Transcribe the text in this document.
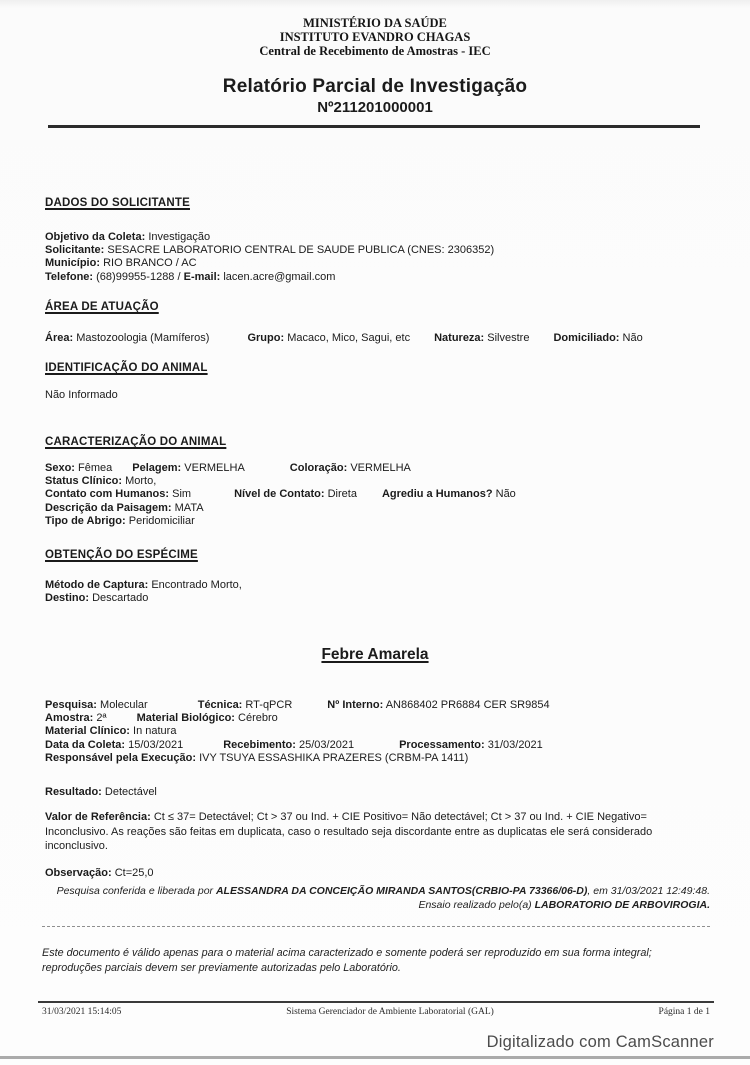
MINISTÉRIO DA SAÚDE
INSTITUTO EVANDRO CHAGAS
Central de Recebimento de Amostras - IEC
Relatório Parcial de Investigação
Nº211201000001
DADOS DO SOLICITANTE
Objetivo da Coleta: Investigação
Solicitante: SESACRE LABORATORIO CENTRAL DE SAUDE PUBLICA (CNES: 2306352)
Município: RIO BRANCO / AC
Telefone: (68)99955-1288 / E-mail: lacen.acre@gmail.com
ÁREA DE ATUAÇÃO
Área: Mastozoologia (Mamíferos)	Grupo: Macaco, Mico, Sagui, etc Natureza: Silvestre Domiciliado: Não
IDENTIFICAÇÃO DO ANIMAL
Não Informado
CARACTERIZAÇÃO DO ANIMAL
Sexo: Fêmea Pelagem: VERMELHA	Coloração: VERMELHA
Status Clínico: Morto,
Contato com Humanos: Sim	Nível de Contato: Direta Agrediu a Humanos? Não
Descrição da Paisagem: MATA
Tipo de Abrigo: Peridomiciliar
OBTENÇÃO DO ESPÉCIME
Método de Captura: Encontrado Morto,
Destino: Descartado
Febre Amarela
Pesquisa: Molecular	Técnica: RT-qPCR	Nº Interno: AN868402 PR6884 CER SR9854
Amostra: 2ª	Material Biológico: Cérebro
Material Clínico: In natura
Data da Coleta: 15/03/2021	Recebimento: 25/03/2021	Processamento: 31/03/2021
Responsável pela Execução: IVY TSUYA ESSASHIKA PRAZERES (CRBM-PA 1411)
Resultado: Detectável
Valor de Referência: Ct ≤ 37= Detectável; Ct > 37 ou Ind. + CIE Positivo= Não detectável; Ct > 37 ou Ind. + CIE Negativo= Inconclusivo. As reações são feitas em duplicata, caso o resultado seja discordante entre as duplicatas ele será considerado inconclusivo.
Observação: Ct=25,0
Pesquisa conferida e liberada por ALESSANDRA DA CONCEIÇÃO MIRANDA SANTOS(CRBIO-PA 73366/06-D), em 31/03/2021 12:49:48.
Ensaio realizado pelo(a) LABORATORIO DE ARBOVIROGIA.
Este documento é válido apenas para o material acima caracterizado e somente poderá ser reproduzido em sua forma integral; reproduções parciais devem ser previamente autorizadas pelo Laboratório.
31/03/2021 15:14:05	Sistema Gerenciador de Ambiente Laboratorial (GAL)	Página 1 de 1
Digitalizado com CamScanner
